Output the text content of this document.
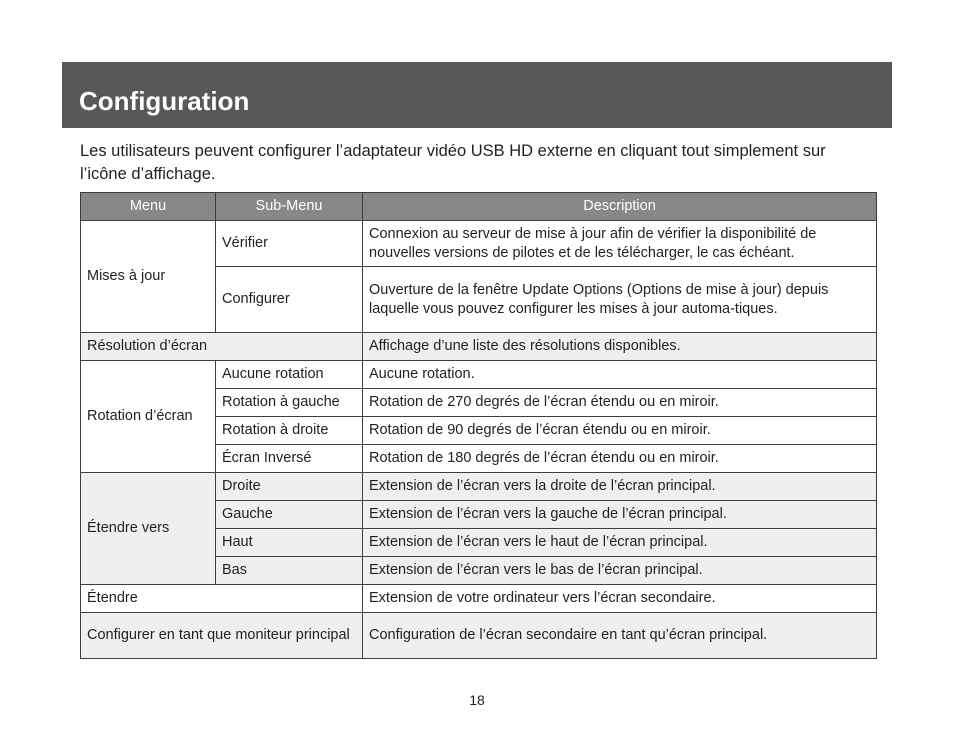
Configuration

Les utilisateurs peuvent configurer l’adaptateur vidéo USB HD externe en cliquant tout simplement sur l’icône d’affichage.

Menu	Sub-Menu	Description
Mises à jour	Vérifier	Connexion au serveur de mise à jour afin de vérifier la disponibilité de nouvelles versions de pilotes et de les télécharger, le cas échéant.
	Configurer	Ouverture de la fenêtre Update Options (Options de mise à jour) depuis laquelle vous pouvez configurer les mises à jour automa-tiques.
Résolution d’écran		Affichage d’une liste des résolutions disponibles.
Rotation d’écran	Aucune rotation	Aucune rotation.
	Rotation à gauche	Rotation de 270 degrés de l’écran étendu ou en miroir.
	Rotation à droite	Rotation de 90 degrés de l’écran étendu ou en miroir.
	Écran Inversé	Rotation de 180 degrés de l’écran étendu ou en miroir.
Étendre vers	Droite	Extension de l’écran vers la droite de l’écran principal.
	Gauche	Extension de l’écran vers la gauche de l’écran principal.
	Haut	Extension de l’écran vers le haut de l’écran principal.
	Bas	Extension de l’écran vers le bas de l’écran principal.
Étendre		Extension de votre ordinateur vers l’écran secondaire.
Configurer en tant que moniteur principal		Configuration de l’écran secondaire en tant qu’écran principal.
18
